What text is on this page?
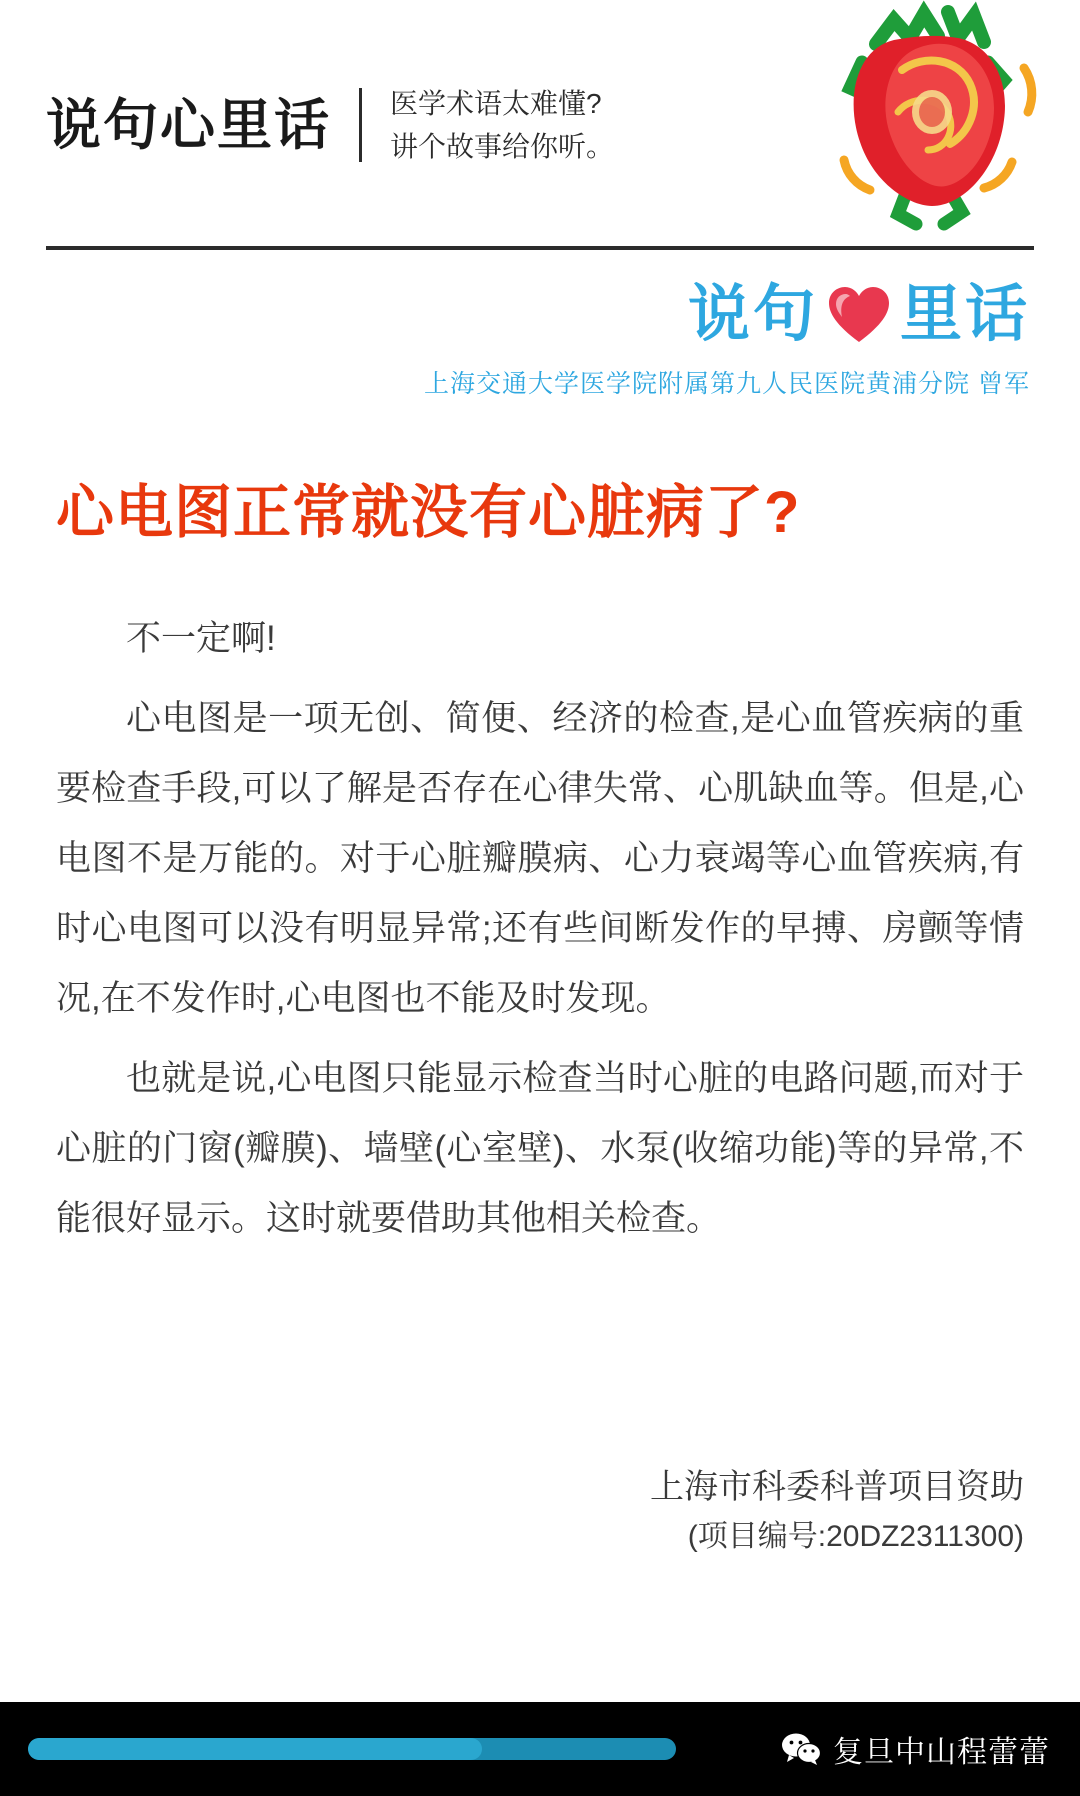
说句心里话	医学术语太难懂?
讲个故事给你听。
说句 里话
上海交通大学医学院附属第九人民医院黄浦分院 曾军
心电图正常就没有心脏病了?

不一定啊!

心电图是一项无创、简便、经济的检查,是心血管疾病的重要检查手段,可以了解是否存在心律失常、心肌缺血等。但是,心电图不是万能的。对于心脏瓣膜病、心力衰竭等心血管疾病,有时心电图可以没有明显异常;还有些间断发作的早搏、房颤等情况,在不发作时,心电图也不能及时发现。

也就是说,心电图只能显示检查当时心脏的电路问题,而对于心脏的门窗(瓣膜)、墙壁(心室壁)、水泵(收缩功能)等的异常,不能很好显示。这时就要借助其他相关检查。

上海市科委科普项目资助
(项目编号:20DZ2311300)
复旦中山程蕾蕾
